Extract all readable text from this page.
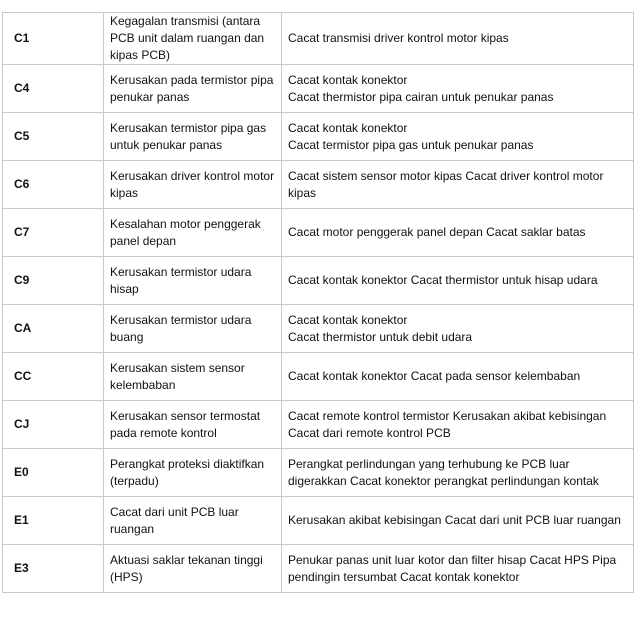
C1	Kegagalan transmisi (antara PCB unit dalam ruangan dan kipas PCB)	Cacat transmisi driver kontrol motor kipas

C4	Kerusakan pada termistor pipa penukar panas	Cacat kontak konektor
Cacat thermistor pipa cairan untuk penukar panas

C5	Kerusakan termistor pipa gas untuk penukar panas	Cacat kontak konektor
Cacat termistor pipa gas untuk penukar panas

C6	Kerusakan driver kontrol motor kipas	Cacat sistem sensor motor kipas Cacat driver kontrol motor kipas

C7	Kesalahan motor penggerak panel depan	Cacat motor penggerak panel depan Cacat saklar batas

C9	Kerusakan termistor udara hisap	Cacat kontak konektor Cacat thermistor untuk hisap udara

CA	Kerusakan termistor udara buang	Cacat kontak konektor
Cacat thermistor untuk debit udara

CC	Kerusakan sistem sensor kelembaban	Cacat kontak konektor Cacat pada sensor kelembaban

CJ	Kerusakan sensor termostat pada remote kontrol	Cacat remote kontrol termistor Kerusakan akibat kebisingan Cacat dari remote kontrol PCB

E0	Perangkat proteksi diaktifkan (terpadu)	Perangkat perlindungan yang terhubung ke PCB luar digerakkan Cacat konektor perangkat perlindungan kontak

E1	Cacat dari unit PCB luar ruangan	Kerusakan akibat kebisingan Cacat dari unit PCB luar ruangan

E3	Aktuasi saklar tekanan tinggi (HPS)	Penukar panas unit luar kotor dan filter hisap Cacat HPS Pipa pendingin tersumbat Cacat kontak konektor
